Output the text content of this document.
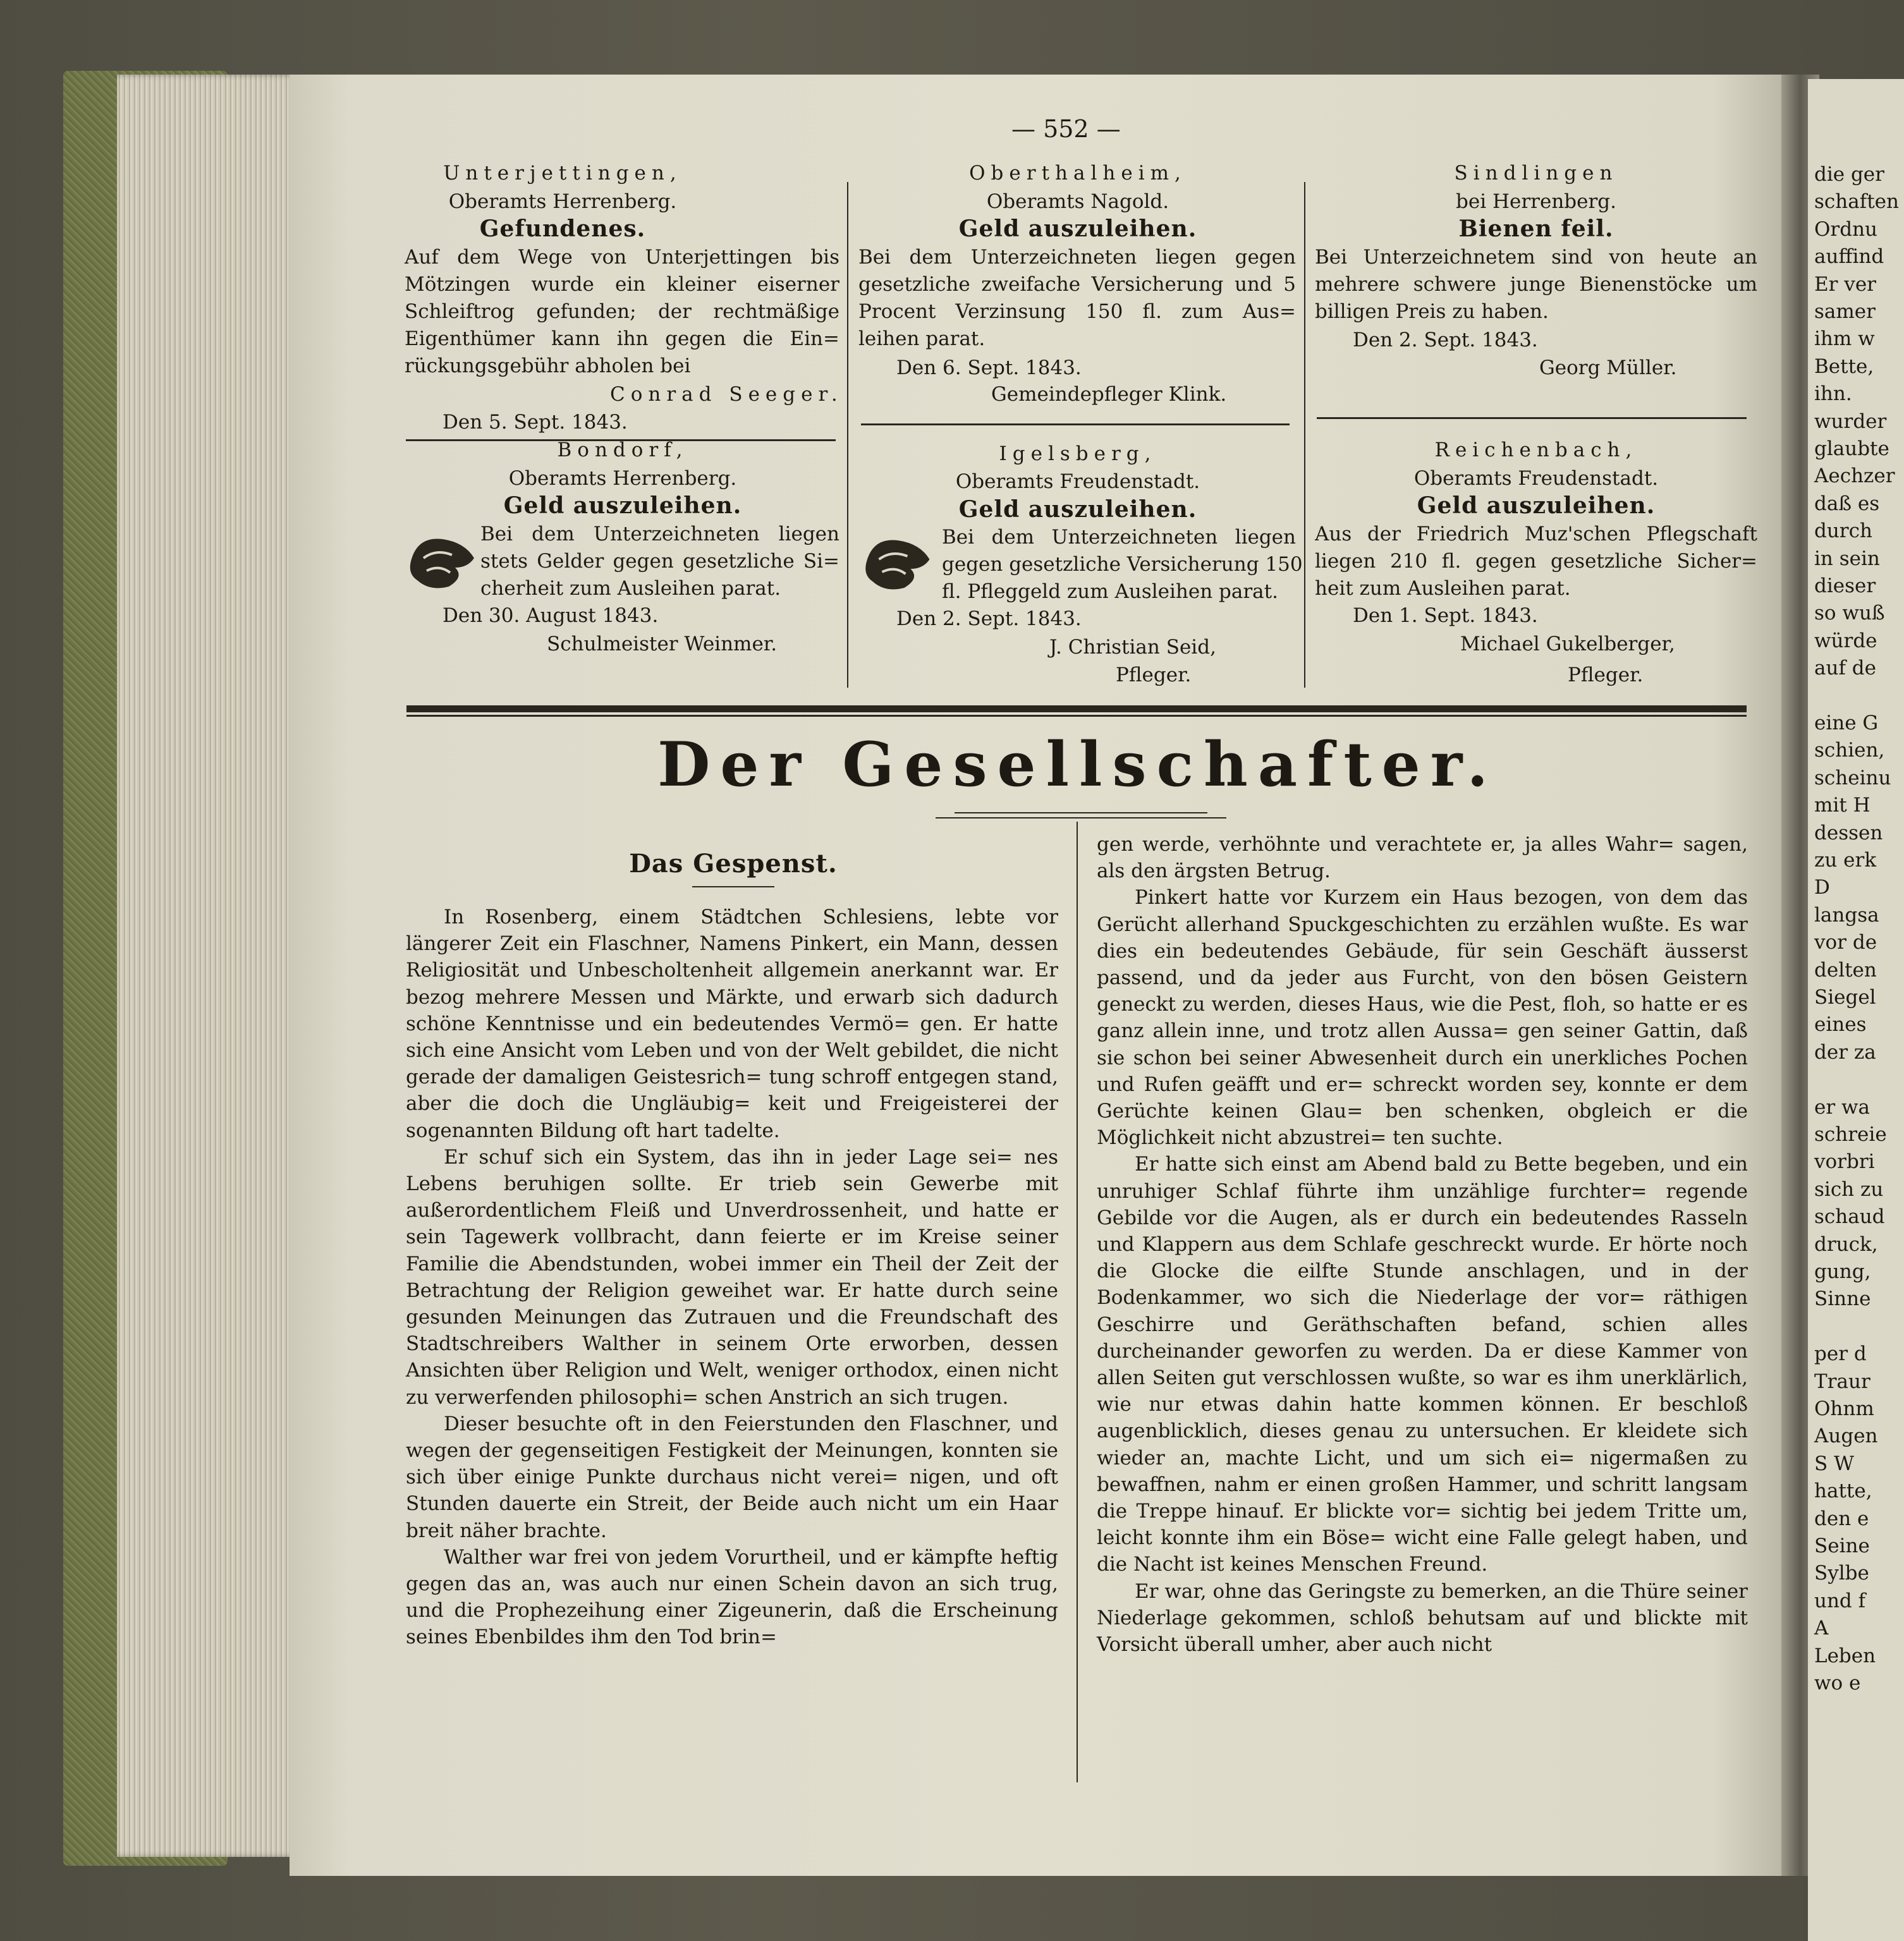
die ger
schaften
Ordnu
auffind
Er ver
samer
ihm w
Bette,
ihn.
wurder
glaubte
Aechzer
daß es
durch
in sein
dieser
so wuß
würde
auf de
eine G
schien,
scheinu
mit H
dessen
zu erk
D
langsa
vor de
delten
Siegel
eines
der za
er wa
schreie
vorbri
sich zu
schaud
druck,
gung,
Sinne
per d
Traur
Ohnm
Augen
S W
hatte,
den e
Seine
Sylbe
und f
A
Leben
wo e
— 552 —
Unterjettingen,
Oberamts Herrenberg.
Gefundenes.
Auf dem Wege von Unterjettingen bis
Mötzingen wurde ein kleiner eiserner
Schleiftrog gefunden; der rechtmäßige
Eigenthümer kann ihn gegen die Ein=
rückungsgebühr abholen bei
Conrad Seeger.
Den 5. Sept. 1843.
Oberthalheim,
Oberamts Nagold.
Geld auszuleihen.
Bei dem Unterzeichneten liegen gegen
gesetzliche zweifache Versicherung und 5
Procent Verzinsung 150 fl. zum Aus=
leihen parat.
Den 6. Sept. 1843.
Gemeindepfleger Klink.
Sindlingen
bei Herrenberg.
Bienen feil.
Bei Unterzeichnetem sind von heute an
mehrere schwere junge Bienenstöcke um
billigen Preis zu haben.
Den 2. Sept. 1843.
Georg Müller.
Bondorf,
Oberamts Herrenberg.
Geld auszuleihen.
Bei dem Unterzeichneten liegen
stets Gelder gegen gesetzliche Si=
cherheit zum Ausleihen parat.
Den 30. August 1843.
Schulmeister Weinmer.
Igelsberg,
Oberamts Freudenstadt.
Geld auszuleihen.
Bei dem Unterzeichneten liegen
gegen gesetzliche Versicherung 150
fl. Pfleggeld zum Ausleihen parat.
Den 2. Sept. 1843.
J. Christian Seid,
Pfleger.
Reichenbach,
Oberamts Freudenstadt.
Geld auszuleihen.
Aus der Friedrich Muz'schen Pflegschaft
liegen 210 fl. gegen gesetzliche Sicher=
heit zum Ausleihen parat.
Den 1. Sept. 1843.
Michael Gukelberger,
Pfleger.
Der Gesellschafter.
Das Gespenst.

In Rosenberg, einem Städtchen Schlesiens, lebte vor längerer Zeit ein Flaschner, Namens Pinkert, ein Mann, dessen Religiosität und Unbescholtenheit allgemein anerkannt war. Er bezog mehrere Messen und Märkte, und erwarb sich dadurch schöne Kenntnisse und ein bedeutendes Vermö= gen. Er hatte sich eine Ansicht vom Leben und von der Welt gebildet, die nicht gerade der damaligen Geistesrich= tung schroff entgegen stand, aber die doch die Ungläubig= keit und Freigeisterei der sogenannten Bildung oft hart tadelte.

Er schuf sich ein System, das ihn in jeder Lage sei= nes Lebens beruhigen sollte. Er trieb sein Gewerbe mit außerordentlichem Fleiß und Unverdrossenheit, und hatte er sein Tagewerk vollbracht, dann feierte er im Kreise seiner Familie die Abendstunden, wobei immer ein Theil der Zeit der Betrachtung der Religion geweihet war. Er hatte durch seine gesunden Meinungen das Zutrauen und die Freundschaft des Stadtschreibers Walther in seinem Orte erworben, dessen Ansichten über Religion und Welt, weniger orthodox, einen nicht zu verwerfenden philosophi= schen Anstrich an sich trugen.

Dieser besuchte oft in den Feierstunden den Flaschner, und wegen der gegenseitigen Festigkeit der Meinungen, konnten sie sich über einige Punkte durchaus nicht verei= nigen, und oft Stunden dauerte ein Streit, der Beide auch nicht um ein Haar breit näher brachte.

Walther war frei von jedem Vorurtheil, und er kämpfte heftig gegen das an, was auch nur einen Schein davon an sich trug, und die Prophezeihung einer Zigeunerin, daß die Erscheinung seines Ebenbildes ihm den Tod brin=

gen werde, verhöhnte und verachtete er, ja alles Wahr= sagen, als den ärgsten Betrug.

Pinkert hatte vor Kurzem ein Haus bezogen, von dem das Gerücht allerhand Spuckgeschichten zu erzählen wußte. Es war dies ein bedeutendes Gebäude, für sein Geschäft äusserst passend, und da jeder aus Furcht, von den bösen Geistern geneckt zu werden, dieses Haus, wie die Pest, floh, so hatte er es ganz allein inne, und trotz allen Aussa= gen seiner Gattin, daß sie schon bei seiner Abwesenheit durch ein unerkliches Pochen und Rufen geäfft und er= schreckt worden sey, konnte er dem Gerüchte keinen Glau= ben schenken, obgleich er die Möglichkeit nicht abzustrei= ten suchte.

Er hatte sich einst am Abend bald zu Bette begeben, und ein unruhiger Schlaf führte ihm unzählige furchter= regende Gebilde vor die Augen, als er durch ein bedeutendes Rasseln und Klappern aus dem Schlafe geschreckt wurde. Er hörte noch die Glocke die eilfte Stunde anschlagen, und in der Bodenkammer, wo sich die Niederlage der vor= räthigen Geschirre und Geräthschaften befand, schien alles durcheinander geworfen zu werden. Da er diese Kammer von allen Seiten gut verschlossen wußte, so war es ihm unerklärlich, wie nur etwas dahin hatte kommen können. Er beschloß augenblicklich, dieses genau zu untersuchen. Er kleidete sich wieder an, machte Licht, und um sich ei= nigermaßen zu bewaffnen, nahm er einen großen Hammer, und schritt langsam die Treppe hinauf. Er blickte vor= sichtig bei jedem Tritte um, leicht konnte ihm ein Böse= wicht eine Falle gelegt haben, und die Nacht ist keines Menschen Freund.

Er war, ohne das Geringste zu bemerken, an die Thüre seiner Niederlage gekommen, schloß behutsam auf und blickte mit Vorsicht überall umher, aber auch nicht
